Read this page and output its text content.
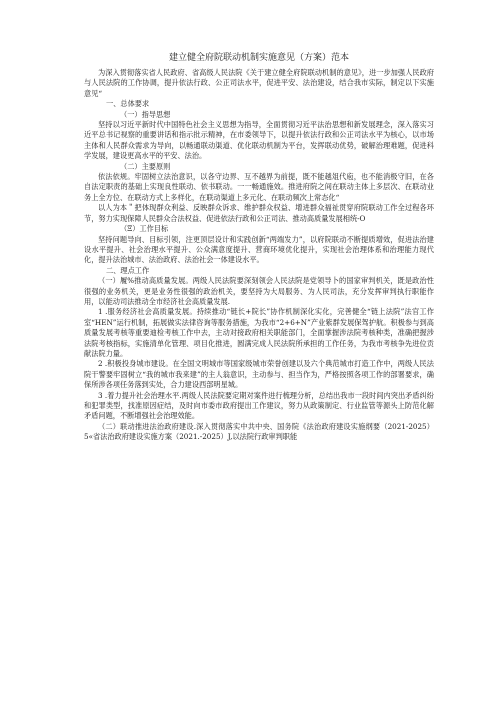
建立健全府院联动机制实施意见（方案）范本

为深入贯彻落实省人民政府、省高级人民法院《关于建立健全府院联动机制的意见》，进一步加强人民政府与人民法院的工作协调，提升依法行政、公正司法水平，促进平安、法治建设，结合我市实际，制定以下实施意见“

一、总体要求

（一）指导思想

坚持以习近平新时代中国特色社会主义思想为指导，全面贯彻习近平法治思想和新发展理念，深入落实习近平总书记视察的重要讲话和指示批示精神，在市委领导下，以提升依法行政和公正司法水平为核心，以市场主体和人民群众需求为导向，以畅通联动渠道、优化联动机制为平台，发挥联动优势，破解治理难题，促进科学发展，建设更高水平的平安、法治。

（二）主要原则

依法依规。牢固树立法治意识，以各守边界、互不越界为前提，既不能越俎代庖，也不能消极守旧，在各自法定职责的基础上实现良性联动、依书联动。一一畅通施效。推进府院之间在联动主体上多层次、在联动业务上全方位、在联动方式上多样化，在联动渠道上多元化、在联动频次上常态化“

以人为本＂把体现群众利益、反映群众诉求、维护群众权益、增进群众福祉贯穿府院联动工作全过程各环节，努力实现保障人民群众合法权益、促进依法行政和公正司法、推动高质量发展相统-O

（Ξ）工作目标

坚持问题导向、目标引领，注更顶层设计和实践创新“两端发力”，以府院联动不断提质增效，促进法治建设水平提升、社会治理水平提升、公众满意度提升、营商环境优化提升，实现社会治理体系和治理能力现代化，提升法治城市、法治政府、法治社会一体建设水平。

二、理点工作

（一）履%推动高质量发展。两级人民法院要深刻领会人民法院是党领导卜的国家审判机关，既是政治性很强的业务机关，更是业务性很强的政治机关，要坚持为大局服务、为人民司法，充分发挥审判执行职能作用，以能动司法推动全市经济社会高质量发展.

1 .服务经济社会高质量发展。持续推动“链长+院长”协作机制深化实化，完善健全“链上法院”法官工作室“HEN”运行机制，拓展做实法律咨询等服务措施，为我市“2+6+N”产业紫群发展保驾护航。积极参与到高质量发展考核等重要迪检考核工作中去，主动对接政府相关职能部门，全面掌握涉法院考核种类，准确把握涉法院考核指标，实施清单化管理、项目化推进，圆满完成人民法院所承担的工作任务，为我市考核争先进位贡献法院力量。

2 .积极投身城市建设。在全国文明城市等国家级城市荣誉创建以及六个典范城市打造工作中，两级人民法院干警要牢固树立“我的城市我来建”的主人翁意识，主动参与、担当作为，严格按照各项工作的部署要求，确保所涉各项任务落到实处，合力建设西部明星城。

3 .着力提升社会治理水平.两级人民法院要定期对案件进行梳理分析，总结出我市一段时间内突出矛盾纠纷和犯罪类型，找准原因症结，及时向市委市政府提出工作建议，努力从政策制定、行业监管等源头上防范化解矛盾问题，不断增强社会治理效能。

（二）联动推进法治政府建设.深入贯彻落实中共中央、国务院《法治政府建设实施纲要（2021-2025）5«省法治政府建设实施方案（2021.-2025）J,以法院行政审判职能
